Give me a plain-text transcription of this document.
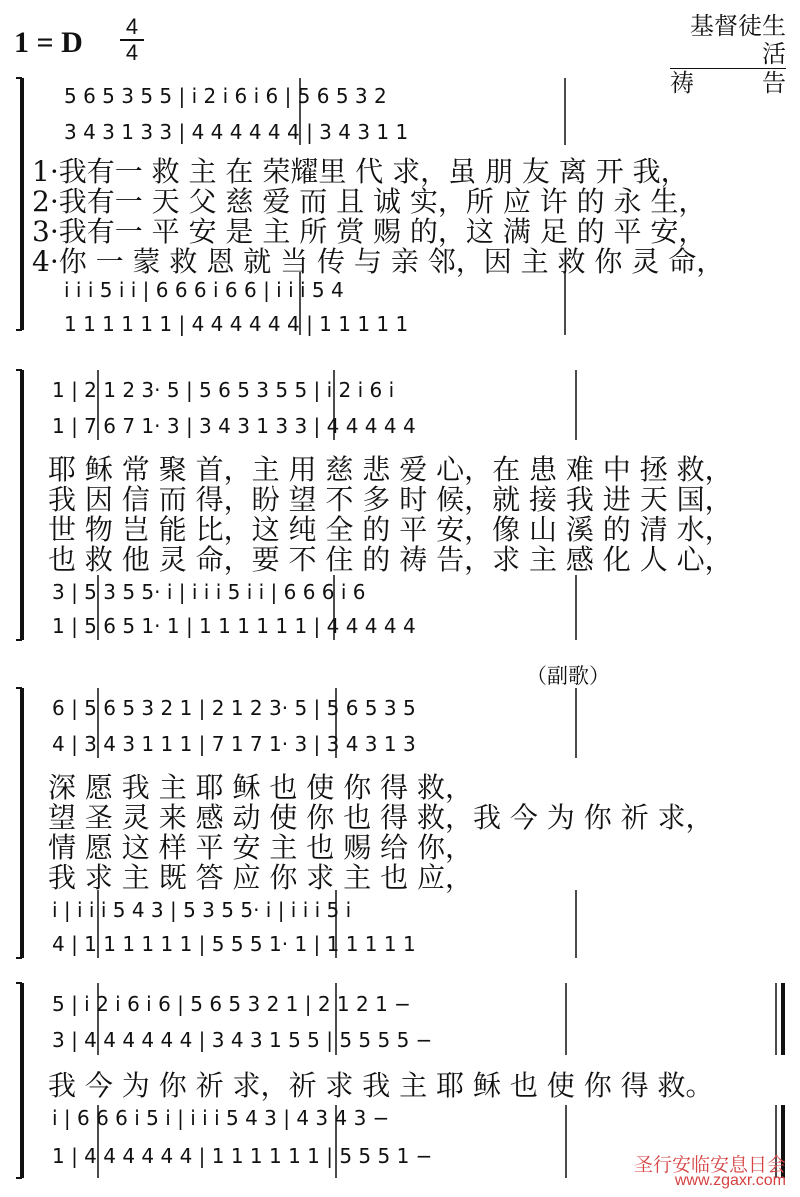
1 = D 4
4
基督徒生活
祷	告
5 6 5 3 5 5 | i 2 i 6 i 6 | 5 6 5 3 2
3 4 3 1 3 3 | 4 4 4 4 4 4 | 3 4 3 1 1
1·我有一 救 主 在 荣耀里 代 求，虽 朋 友 离 开 我，
2·我有一 天 父 慈 爱 而 且 诚 实，所 应 许 的 永 生，
3·我有一 平 安 是 主 所 赏 赐 的，这 满 足 的 平 安，
4·你 一 蒙 救 恩 就 当 传 与 亲 邻，因 主 救 你 灵 命，
i i i 5 i i | 6 6 6 i 6 6 | i i i 5 4
1 1 1 1 1 1 | 4 4 4 4 4 4 | 1 1 1 1 1
1 | 2 1 2 3· 5 | 5 6 5 3 5 5 | i 2 i 6 i
1 | 7 6 7 1· 3 | 3 4 3 1 3 3 | 4 4 4 4 4
耶 稣 常 聚 首，主 用 慈 悲 爱 心，在 患 难 中 拯 救，
我 因 信 而 得，盼 望 不 多 时 候，就 接 我 进 天 国，
世 物 岂 能 比，这 纯 全 的 平 安，像 山 溪 的 清 水，
也 救 他 灵 命，要 不 住 的 祷 告，求 主 感 化 人 心，
3 | 5 3 5 5· i | i i i 5 i i | 6 6 6 i 6
1 | 5 6 5 1· 1 | 1 1 1 1 1 1 | 4 4 4 4 4
（副歌）
6 | 5 6 5 3 2 1 | 2 1 2 3· 5 | 5 6 5 3 5
4 | 3 4 3 1 1 1 | 7 1 7 1· 3 | 3 4 3 1 3
深 愿 我 主 耶 稣 也 使 你 得 救，
望 圣 灵 来 感 动 使 你 也 得 救，我 今 为 你 祈 求，
情 愿 这 样 平 安 主 也 赐 给 你，
我 求 主 既 答 应 你 求 主 也 应，
i | i i i 5 4 3 | 5 3 5 5· i | i i i 5 i
4 | 1 1 1 1 1 1 | 5 5 5 1· 1 | 1 1 1 1 1
5 | i 2 i 6 i 6 | 5 6 5 3 2 1 | 2 1 2 1 −
3 | 4 4 4 4 4 4 | 3 4 3 1 5 5 | 5 5 5 5 −
我 今 为 你 祈 求，祈 求 我 主 耶 稣 也 使 你 得 救。
i | 6 6 6 i 5 i | i i i 5 4 3 | 4 3 4 3 −
1 | 4 4 4 4 4 4 | 1 1 1 1 1 1 | 5 5 5 1 −	圣行安临安息日会
www.zgaxr.com
